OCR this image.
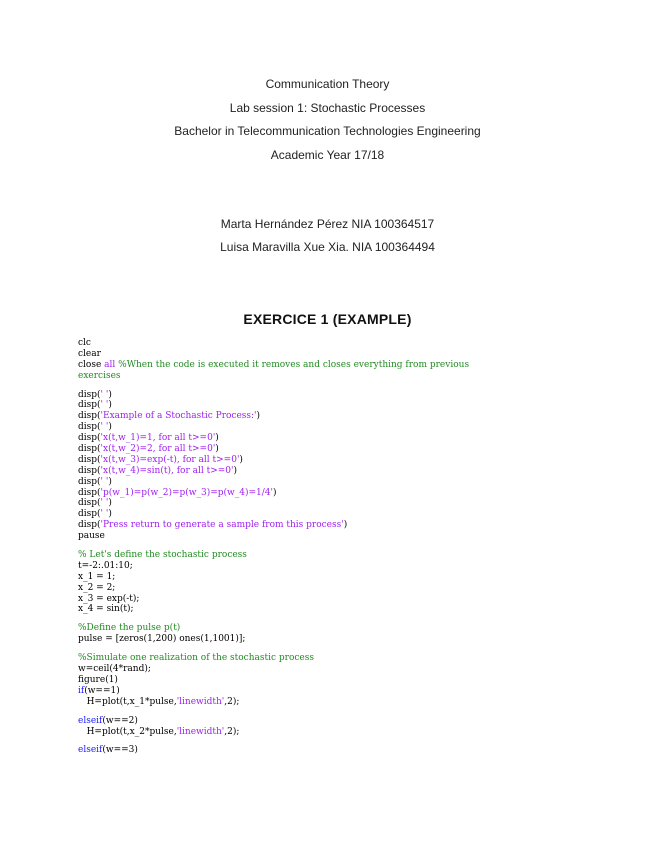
Communication Theory
Lab session 1: Stochastic Processes
Bachelor in Telecommunication Technologies Engineering
Academic Year 17/18
Marta Hernández Pérez NIA 100364517
Luisa Maravilla Xue Xia. NIA 100364494
EXERCICE 1 (EXAMPLE)
clc
clear
close all %When the code is executed it removes and closes everything from previous
exercises
disp(' ')
disp(' ')
disp('Example of a Stochastic Process:')
disp(' ')
disp('x(t,w_1)=1, for all t>=0')
disp('x(t,w_2)=2, for all t>=0')
disp('x(t,w_3)=exp(-t), for all t>=0')
disp('x(t,w_4)=sin(t), for all t>=0')
disp(' ')
disp('p(w_1)=p(w_2)=p(w_3)=p(w_4)=1/4')
disp(' ')
disp(' ')
disp('Press return to generate a sample from this process')
pause
% Let's define the stochastic process
t=-2:.01:10;
x_1 = 1;
x_2 = 2;
x_3 = exp(-t);
x_4 = sin(t);
%Define the pulse p(t)
pulse = [zeros(1,200) ones(1,1001)];
%Simulate one realization of the stochastic process
w=ceil(4*rand);
figure(1)
if(w==1)
H=plot(t,x_1*pulse,'linewidth',2);
elseif(w==2)
H=plot(t,x_2*pulse,'linewidth',2);
elseif(w==3)
